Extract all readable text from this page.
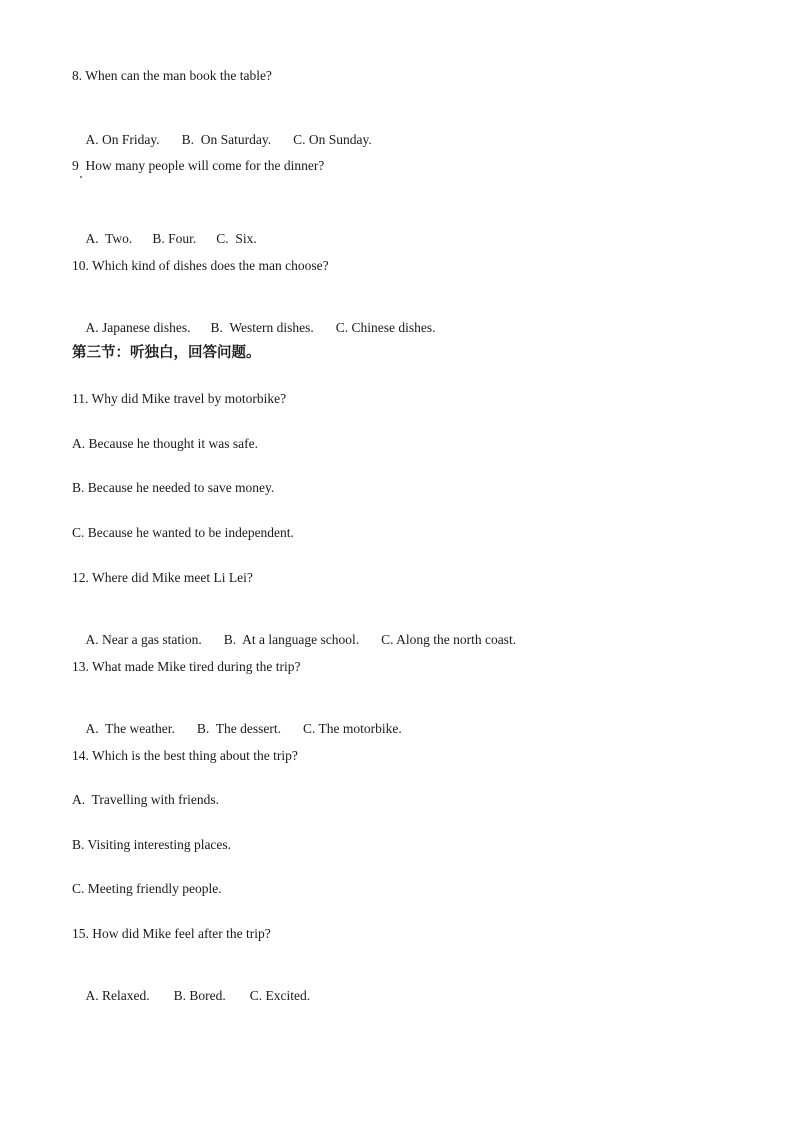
8. When can the man book the table?

A. On Friday. B.  On Saturday. C. On Sunday.

9  How many people will come for the dinner?

A.  Two. B. Four. C.  Six.

10. Which kind of dishes does the man choose?

A. Japanese dishes. B.  Western dishes. C. Chinese dishes.

第三节：听独白，回答问题。
11. Why did Mike travel by motorbike?
A. Because he thought it was safe.
B. Because he needed to save money.
C. Because he wanted to be independent.
12. Where did Mike meet Li Lei?

A. Near a gas station. B.  At a language school. C. Along the north coast.

13. What made Mike tired during the trip?

A.  The weather. B.  The dessert. C. The motorbike.

14. Which is the best thing about the trip?
A.  Travelling with friends.
B. Visiting interesting places.
C. Meeting friendly people.
15. How did Mike feel after the trip?

A. Relaxed. B. Bored. C. Excited.
